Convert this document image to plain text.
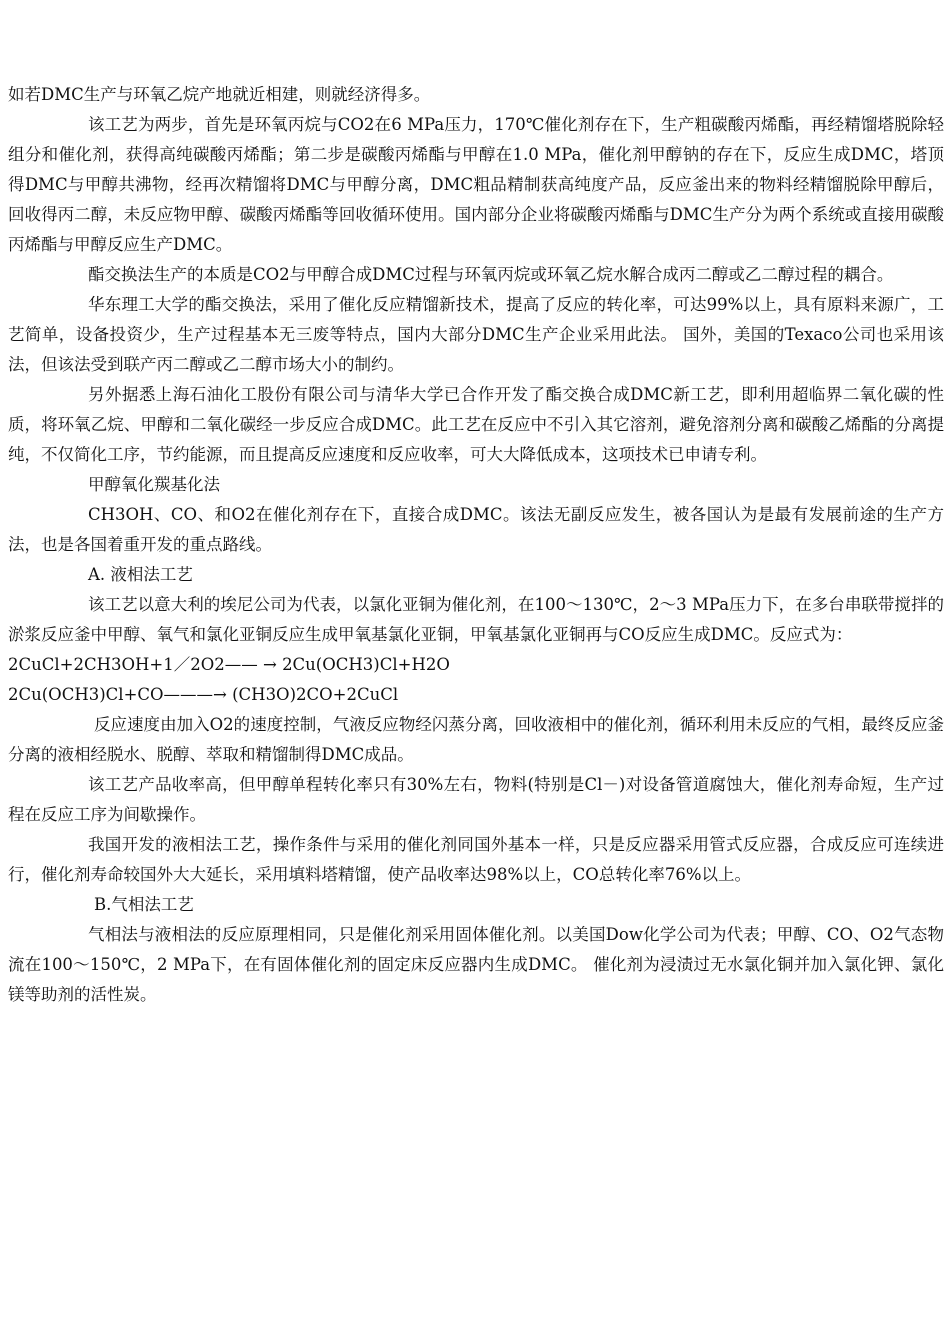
如若DMC生产与环氧乙烷产地就近相建，则就经济得多。

该工艺为两步，首先是环氧丙烷与CO2在6 MPa压力，170℃催化剂存在下，生产粗碳酸丙烯酯，再经精馏塔脱除轻组分和催化剂，获得高纯碳酸丙烯酯；第二步是碳酸丙烯酯与甲醇在1.0 MPa，催化剂甲醇钠的存在下，反应生成DMC，塔顶得DMC与甲醇共沸物，经再次精馏将DMC与甲醇分离，DMC粗品精制获高纯度产品，反应釜出来的物料经精馏脱除甲醇后，回收得丙二醇，未反应物甲醇、碳酸丙烯酯等回收循环使用。国内部分企业将碳酸丙烯酯与DMC生产分为两个系统或直接用碳酸丙烯酯与甲醇反应生产DMC。

酯交换法生产的本质是CO2与甲醇合成DMC过程与环氧丙烷或环氧乙烷水解合成丙二醇或乙二醇过程的耦合。

华东理工大学的酯交换法，采用了催化反应精馏新技术，提高了反应的转化率，可达99%以上，具有原料来源广，工艺简单，设备投资少，生产过程基本无三废等特点，国内大部分DMC生产企业采用此法。 国外，美国的Texaco公司也采用该法，但该法受到联产丙二醇或乙二醇市场大小的制约。

另外据悉上海石油化工股份有限公司与清华大学已合作开发了酯交换合成DMC新工艺，即利用超临界二氧化碳的性质，将环氧乙烷、甲醇和二氧化碳经一步反应合成DMC。此工艺在反应中不引入其它溶剂，避免溶剂分离和碳酸乙烯酯的分离提纯，不仅简化工序，节约能源，而且提高反应速度和反应收率，可大大降低成本，这项技术已申请专利。

甲醇氧化羰基化法

CH3OH、CO、和O2在催化剂存在下，直接合成DMC。该法无副反应发生，被各国认为是最有发展前途的生产方法，也是各国着重开发的重点路线。

A. 液相法工艺

该工艺以意大利的埃尼公司为代表，以氯化亚铜为催化剂，在100～130℃，2～3 MPa压力下，在多台串联带搅拌的淤浆反应釜中甲醇、氧气和氯化亚铜反应生成甲氧基氯化亚铜，甲氧基氯化亚铜再与CO反应生成DMC。反应式为：

2CuCl+2CH3OH+1／2O2—— → 2Cu(OCH3)Cl+H2O

2Cu(OCH3)Cl+CO———→ (CH3O)2CO+2CuCl

反应速度由加入O2的速度控制，气液反应物经闪蒸分离，回收液相中的催化剂，循环利用未反应的气相，最终反应釜分离的液相经脱水、脱醇、萃取和精馏制得DMC成品。

该工艺产品收率高，但甲醇单程转化率只有30%左右，物料(特别是Cl－)对设备管道腐蚀大，催化剂寿命短，生产过程在反应工序为间歇操作。

我国开发的液相法工艺，操作条件与采用的催化剂同国外基本一样，只是反应器采用管式反应器，合成反应可连续进行，催化剂寿命较国外大大延长，采用填料塔精馏，使产品收率达98%以上，CO总转化率76%以上。

B.气相法工艺

气相法与液相法的反应原理相同，只是催化剂采用固体催化剂。以美国Dow化学公司为代表；甲醇、CO、O2气态物流在100～150℃，2 MPa下，在有固体催化剂的固定床反应器内生成DMC。 催化剂为浸渍过无水氯化铜并加入氯化钾、氯化镁等助剂的活性炭。
